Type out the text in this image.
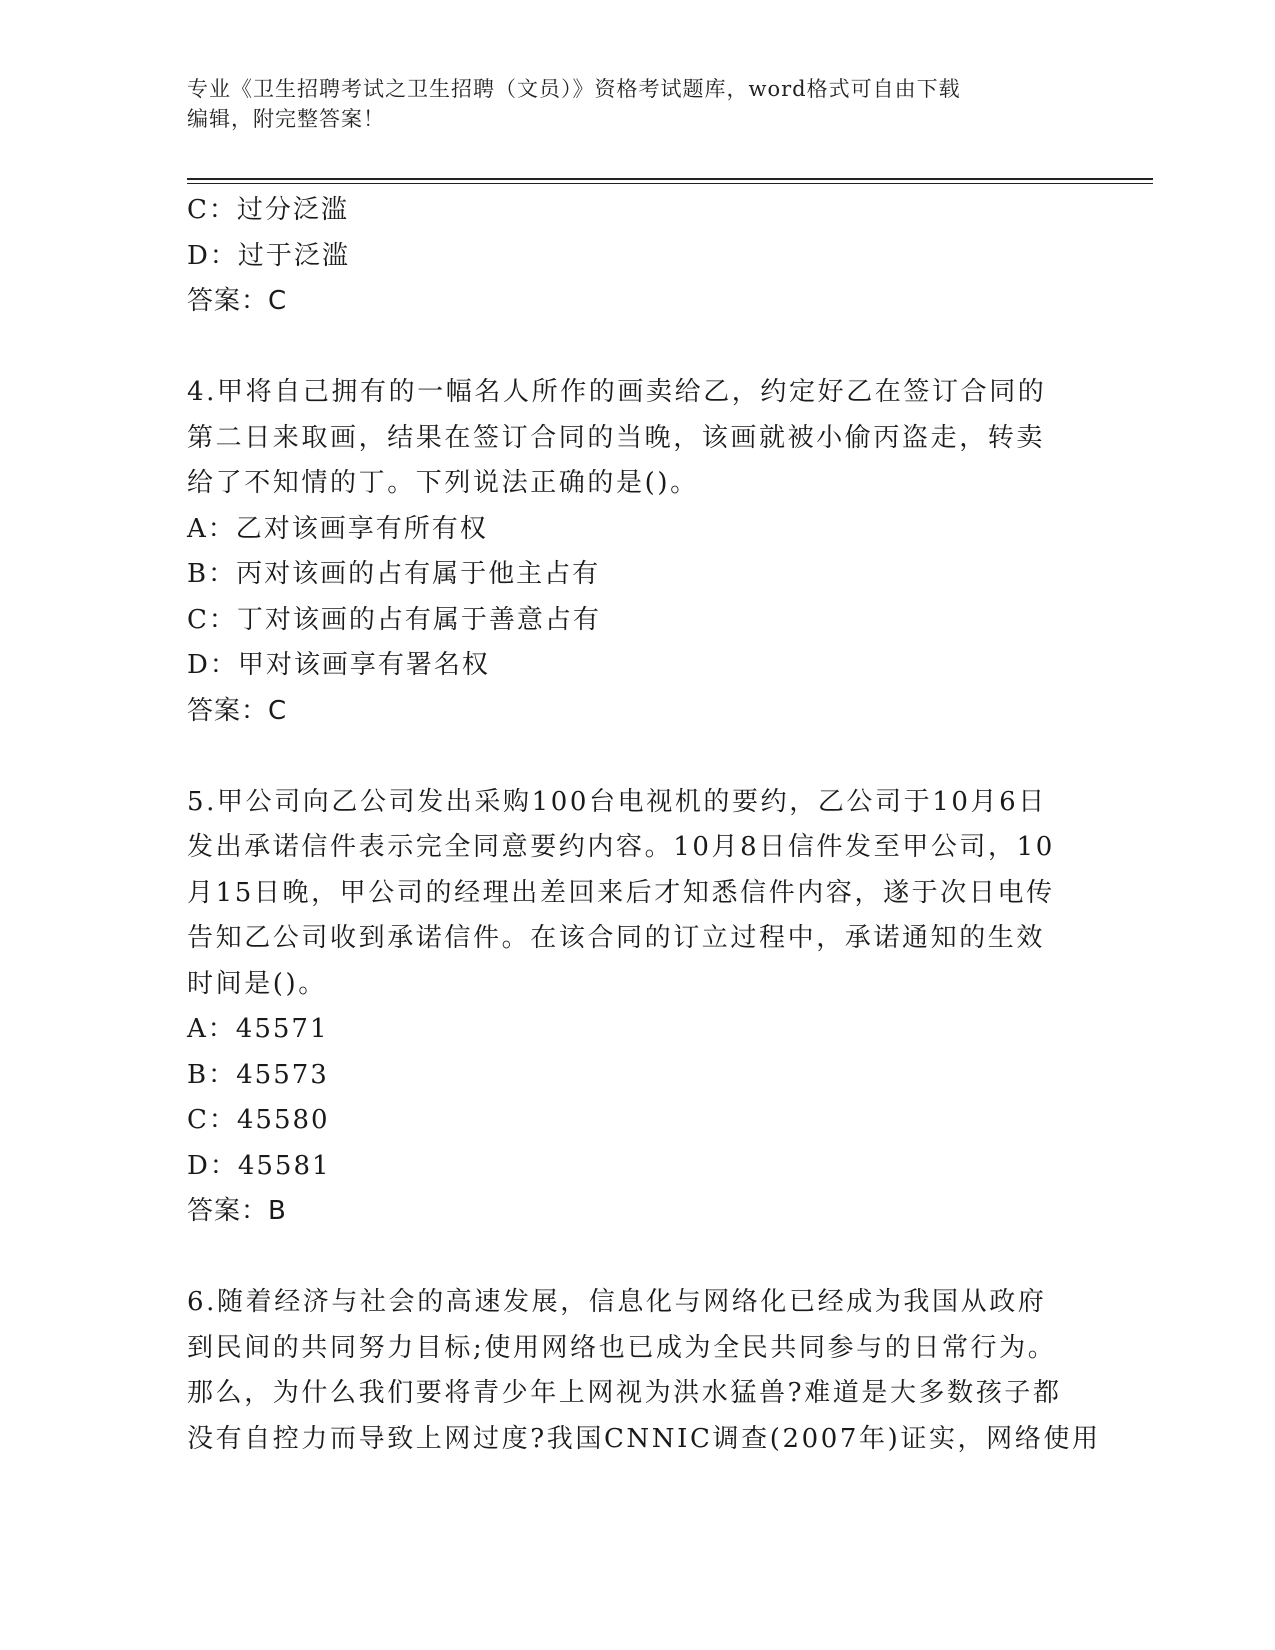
专业《卫生招聘考试之卫生招聘（文员）》资格考试题库，word格式可自由下载
编辑，附完整答案！
C：过分泛滥
D：过于泛滥
答案：C
4.甲将自己拥有的一幅名人所作的画卖给乙，约定好乙在签订合同的
第二日来取画，结果在签订合同的当晚，该画就被小偷丙盗走，转卖
给了不知情的丁。下列说法正确的是()。
A：乙对该画享有所有权
B：丙对该画的占有属于他主占有
C：丁对该画的占有属于善意占有
D：甲对该画享有署名权
答案：C
5.甲公司向乙公司发出采购100台电视机的要约，乙公司于10月6日
发出承诺信件表示完全同意要约内容。10月8日信件发至甲公司，10
月15日晚，甲公司的经理出差回来后才知悉信件内容，遂于次日电传
告知乙公司收到承诺信件。在该合同的订立过程中，承诺通知的生效
时间是()。
A：45571
B：45573
C：45580
D：45581
答案：B
6.随着经济与社会的高速发展，信息化与网络化已经成为我国从政府
到民间的共同努力目标;使用网络也已成为全民共同参与的日常行为。
那么，为什么我们要将青少年上网视为洪水猛兽?难道是大多数孩子都
没有自控力而导致上网过度?我国CNNIC调查(2007年)证实，网络使用
